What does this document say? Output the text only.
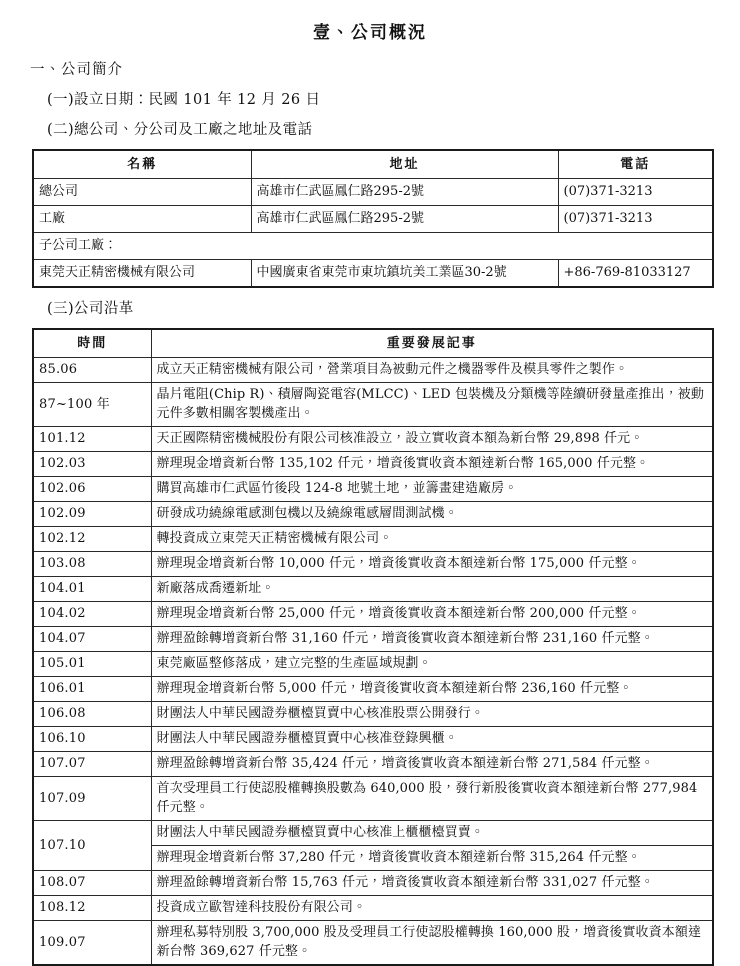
壹、公司概況
一、公司簡介
(一)設立日期：民國 101 年 12 月 26 日
(二)總公司、分公司及工廠之地址及電話
名稱	地址	電話
總公司	高雄市仁武區鳳仁路295-2號	(07)371-3213
工廠	高雄市仁武區鳳仁路295-2號	(07)371-3213
子公司工廠：		
東莞天正精密機械有限公司	中國廣東省東莞市東坑鎮坑美工業區30-2號	+86-769-81033127
(三)公司沿革
時間	重要發展記事
85.06	成立天正精密機械有限公司，營業項目為被動元件之機器零件及模具零件之製作。
87~100 年	晶片電阻(Chip R)、積層陶瓷電容(MLCC)、LED 包裝機及分類機等陸續研發量產推出，被動元件多數相關客製機產出。
101.12	天正國際精密機械股份有限公司核准設立，設立實收資本額為新台幣 29,898 仟元。
102.03	辦理現金增資新台幣 135,102 仟元，增資後實收資本額達新台幣 165,000 仟元整。
102.06	購買高雄市仁武區竹後段 124-8 地號土地，並籌畫建造廠房。
102.09	研發成功繞線電感測包機以及繞線電感層間測試機。
102.12	轉投資成立東莞天正精密機械有限公司。
103.08	辦理現金增資新台幣 10,000 仟元，增資後實收資本額達新台幣 175,000 仟元整。
104.01	新廠落成喬遷新址。
104.02	辦理現金增資新台幣 25,000 仟元，增資後實收資本額達新台幣 200,000 仟元整。
104.07	辦理盈餘轉增資新台幣 31,160 仟元，增資後實收資本額達新台幣 231,160 仟元整。
105.01	東莞廠區整修落成，建立完整的生產區域規劃。
106.01	辦理現金增資新台幣 5,000 仟元，增資後實收資本額達新台幣 236,160 仟元整。
106.08	財團法人中華民國證券櫃檯買賣中心核准股票公開發行。
106.10	財團法人中華民國證券櫃檯買賣中心核准登錄興櫃。
107.07	辦理盈餘轉增資新台幣 35,424 仟元，增資後實收資本額達新台幣 271,584 仟元整。
107.09	首次受理員工行使認股權轉換股數為 640,000 股，發行新股後實收資本額達新台幣 277,984 仟元整。
107.10	財團法人中華民國證券櫃檯買賣中心核准上櫃櫃檯買賣。
	辦理現金增資新台幣 37,280 仟元，增資後實收資本額達新台幣 315,264 仟元整。
108.07	辦理盈餘轉增資新台幣 15,763 仟元，增資後實收資本額達新台幣 331,027 仟元整。
108.12	投資成立歐智達科技股份有限公司。
109.07	辦理私募特別股 3,700,000 股及受理員工行使認股權轉換 160,000 股，增資後實收資本額達新台幣 369,627 仟元整。
